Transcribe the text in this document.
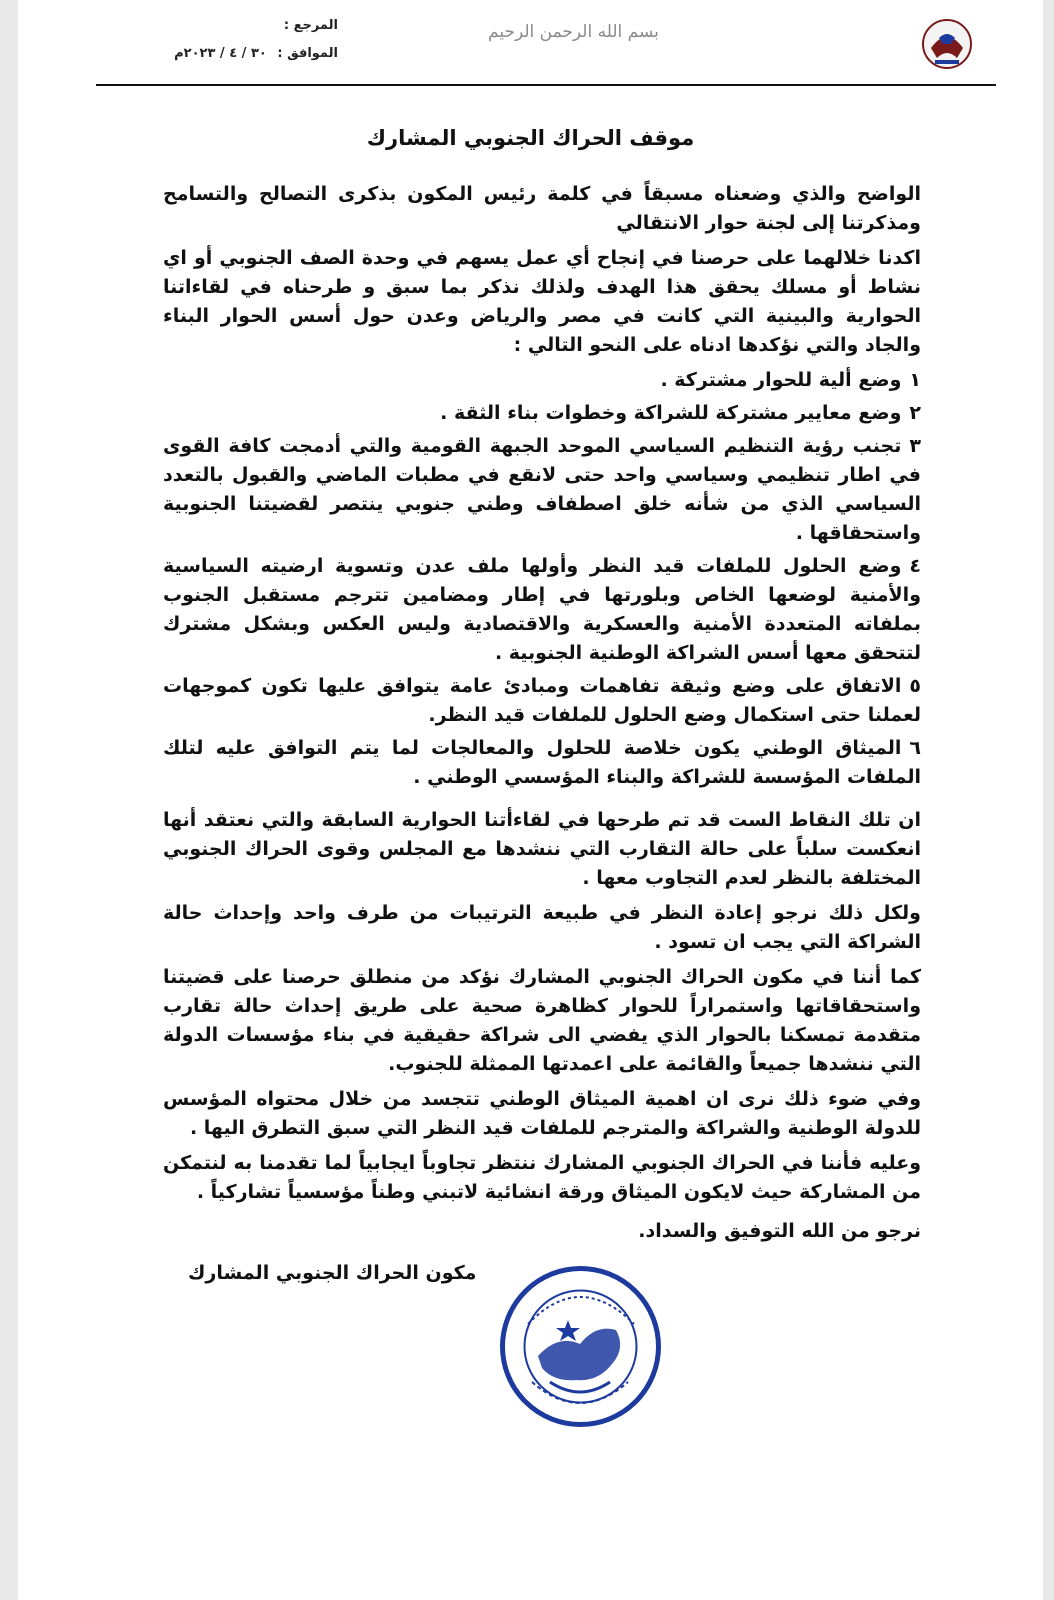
بسم الله الرحمن الرحيم
المرجع :
الموافق : ٣٠ / ٤ / ٢٠٢٣م
موقف الحراك الجنوبي المشارك

الواضح والذي وضعناه مسبقاً في كلمة رئيس المكون بذكرى التصالح والتسامح ومذكرتنا إلى لجنة حوار الانتقالي

اكدنا خلالهما على حرصنا في إنجاح أي عمل يسهم في وحدة الصف الجنوبي أو اي نشاط أو مسلك يحقق هذا الهدف ولذلك نذكر بما سبق و طرحناه في لقاءاتنا الحوارية والبينية التي كانت في مصر والرياض وعدن حول أسس الحوار البناء والجاد والتي نؤكدها ادناه على النحو التالي :

١وضع ألية للحوار مشتركة .
٢وضع معايير مشتركة للشراكة وخطوات بناء الثقة .
٣تجنب رؤية التنظيم السياسي الموحد الجبهة القومية والتي أدمجت كافة القوى في اطار تنظيمي وسياسي واحد حتى لانقع في مطبات الماضي والقبول بالتعدد السياسي الذي من شأنه خلق اصطفاف وطني جنوبي ينتصر لقضيتنا الجنوبية واستحقاقها .
٤وضع الحلول للملفات قيد النظر وأولها ملف عدن وتسوية ارضيته السياسية والأمنية لوضعها الخاص وبلورتها في إطار ومضامين تترجم مستقبل الجنوب بملفاته المتعددة الأمنية والعسكرية والاقتصادية وليس العكس وبشكل مشترك لتتحقق معها أسس الشراكة الوطنية الجنوبية .
٥الاتفاق على وضع وثيقة تفاهمات ومبادئ عامة يتوافق عليها تكون كموجهات لعملنا حتى استكمال وضع الحلول للملفات قيد النظر.
٦الميثاق الوطني يكون خلاصة للحلول والمعالجات لما يتم التوافق عليه لتلك الملفات المؤسسة للشراكة والبناء المؤسسي الوطني .

ان تلك النقاط الست قد تم طرحها في لقاءأتنا الحوارية السابقة والتي نعتقد أنها انعكست سلباً على حالة التقارب التي ننشدها مع المجلس وقوى الحراك الجنوبي المختلفة بالنظر لعدم التجاوب معها .

ولكل ذلك نرجو إعادة النظر في طبيعة الترتيبات من طرف واحد وإحداث حالة الشراكة التي يجب ان تسود .

كما أننا في مكون الحراك الجنوبي المشارك نؤكد من منطلق حرصنا على قضيتنا واستحقاقاتها واستمراراً للحوار كظاهرة صحية على طريق إحداث حالة تقارب متقدمة تمسكنا بالحوار الذي يفضي الى شراكة حقيقية في بناء مؤسسات الدولة التي ننشدها جميعاً والقائمة على اعمدتها الممثلة للجنوب.

وفي ضوء ذلك نرى ان اهمية الميثاق الوطني تتجسد من خلال محتواه المؤسس للدولة الوطنية والشراكة والمترجم للملفات قيد النظر التي سبق التطرق اليها .

وعليه فأننا في الحراك الجنوبي المشارك ننتظر تجاوباً ايجابياً لما تقدمنا به لنتمكن من المشاركة حيث لايكون الميثاق ورقة انشائية لاتبني وطناً مؤسسياً تشاركياً .

نرجو من الله التوفيق والسداد.

مكون الحراك الجنوبي المشارك
